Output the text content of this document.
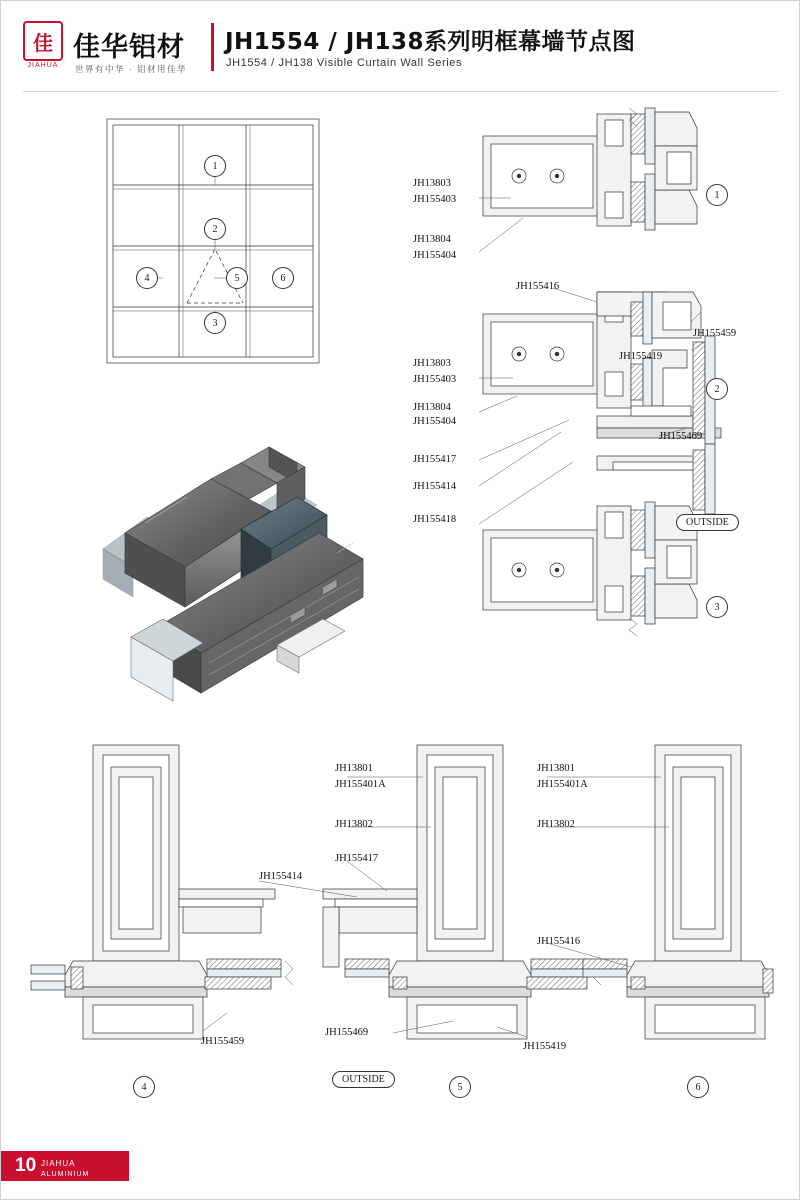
佳
JIAHUA
佳华铝材
世界有中华 · 铝材用佳华
JH1554 / JH138系列明框幕墙节点图
JH1554 / JH138 Visible Curtain Wall Series
1
2
3
4	5	6
JH13803
JH155403
JH13804
JH155404
1
JH155416
JH155459
JH155419
JH13803
JH155403
JH13804
JH155404
JH155469
JH155417
JH155414
JH155418
2
OUTSIDE
3
JH155414
JH155459
4
JH13801
JH155401A
JH13802
JH155417
JH155469
JH155419
OUTSIDE
5
JH13801
JH155401A
JH13802
JH155416
6
10 JIAHUA
ALUMINIUM
